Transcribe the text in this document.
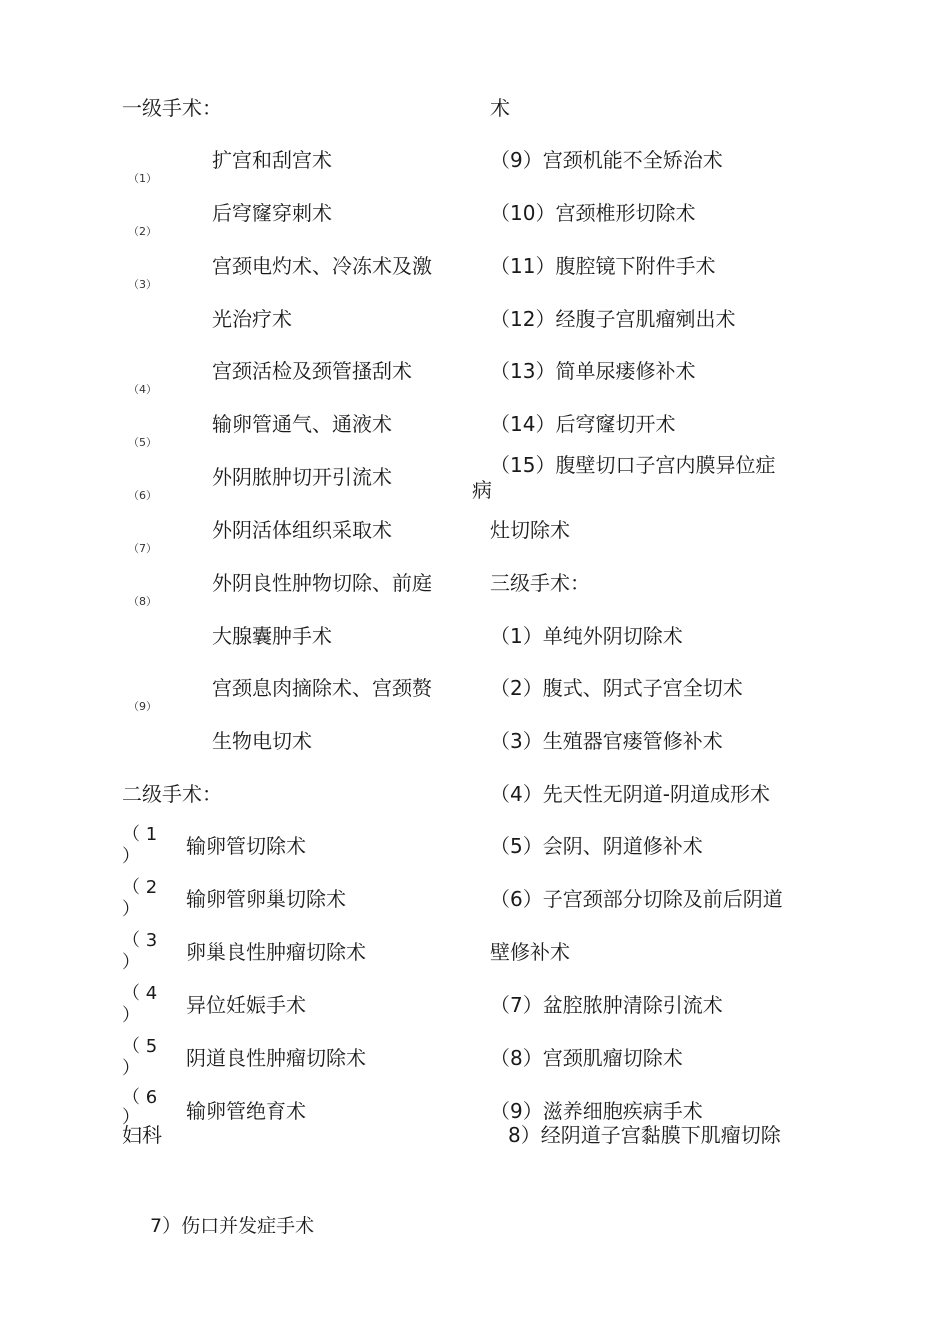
一级手术：
（1）
扩宫和刮宫术
（2）
后穹窿穿刺术
（3）
宫颈电灼术、冷冻术及激
光治疗术
（4）
宫颈活检及颈管搔刮术
（5）
输卵管通气、通液术
（6）
外阴脓肿切开引流术
（7）
外阴活体组织采取术
（8）
外阴良性肿物切除、前庭
大腺囊肿手术
（9）
宫颈息肉摘除术、宫颈赘
生物电切术
二级手术：
（ 1
） 输卵管切除术
（ 2
） 输卵管卵巢切除术
（ 3
） 卵巢良性肿瘤切除术
（ 4
） 异位妊娠手术
（ 5
） 阴道良性肿瘤切除术
（ 6
） 输卵管绝育术
妇科
7）伤口并发症手术
术
（9）宫颈机能不全矫治术
（10）宫颈椎形切除术
（11）腹腔镜下附件手术
（12）经腹子宫肌瘤剜出术
（13）简单尿瘘修补术
（14）后穹窿切开术
（15）腹壁切口子宫内膜异位症
病
灶切除术
三级手术：
（1）单纯外阴切除术
（2）腹式、阴式子宫全切术
（3）生殖器官瘘管修补术
（4）先天性无阴道-阴道成形术
（5）会阴、阴道修补术
（6）子宫颈部分切除及前后阴道
壁修补术
（7）盆腔脓肿清除引流术
（8）宫颈肌瘤切除术
（9）滋养细胞疾病手术
8）经阴道子宫黏膜下肌瘤切除
